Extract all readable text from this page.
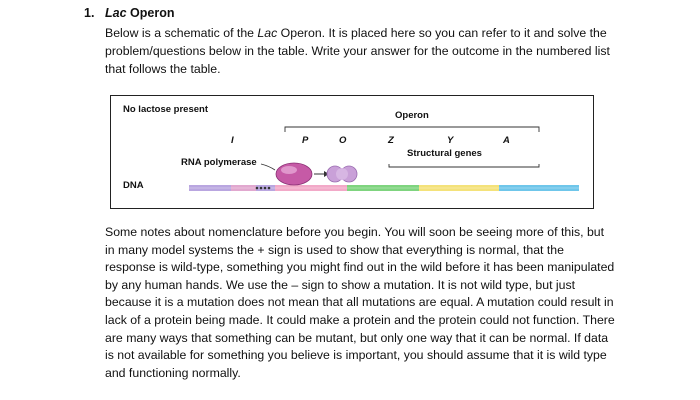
1. Lac Operon
Below is a schematic of the Lac Operon. It is placed here so you can refer to it and solve the problem/questions below in the table. Write your answer for the outcome in the numbered list that follows the table.
No lactose present
Operon
I	P	O	Z	Y	A
Structural genes
RNA polymerase
DNA
Some notes about nomenclature before you begin. You will soon be seeing more of this, but in many model systems the + sign is used to show that everything is normal, that the response is wild-type, something you might find out in the wild before it has been manipulated by any human hands. We use the – sign to show a mutation. It is not wild type, but just because it is a mutation does not mean that all mutations are equal. A mutation could result in lack of a protein being made. It could make a protein and the protein could not function. There are many ways that something can be mutant, but only one way that it can be normal. If data is not available for something you believe is important, you should assume that it is wild type and functioning normally.
